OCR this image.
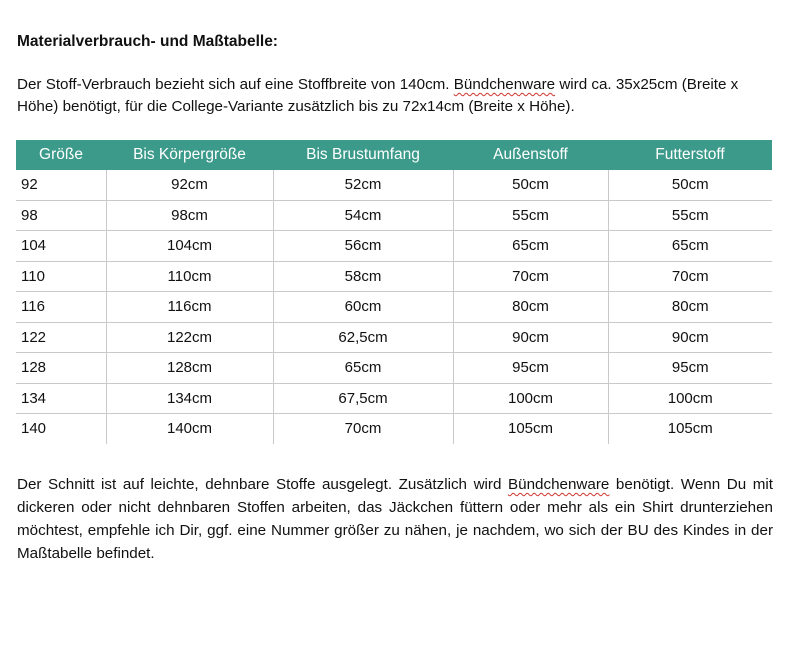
Materialverbrauch- und Maßtabelle:

Der Stoff-Verbrauch bezieht sich auf eine Stoffbreite von 140cm. Bündchenware wird ca. 35x25cm (Breite x Höhe) benötigt, für die College-Variante zusätzlich bis zu 72x14cm (Breite x Höhe).

Größe	Bis Körpergröße	Bis Brustumfang	Außenstoff	Futterstoff
92	92cm	52cm	50cm	50cm
98	98cm	54cm	55cm	55cm
104	104cm	56cm	65cm	65cm
110	110cm	58cm	70cm	70cm
116	116cm	60cm	80cm	80cm
122	122cm	62,5cm	90cm	90cm
128	128cm	65cm	95cm	95cm
134	134cm	67,5cm	100cm	100cm
140	140cm	70cm	105cm	105cm

Der Schnitt ist auf leichte, dehnbare Stoffe ausgelegt. Zusätzlich wird Bündchenware benötigt. Wenn Du mit dickeren oder nicht dehnbaren Stoffen arbeiten, das Jäckchen füttern oder mehr als ein Shirt drunterziehen möchtest, empfehle ich Dir, ggf. eine Nummer größer zu nähen, je nachdem, wo sich der BU des Kindes in der Maßtabelle befindet.
